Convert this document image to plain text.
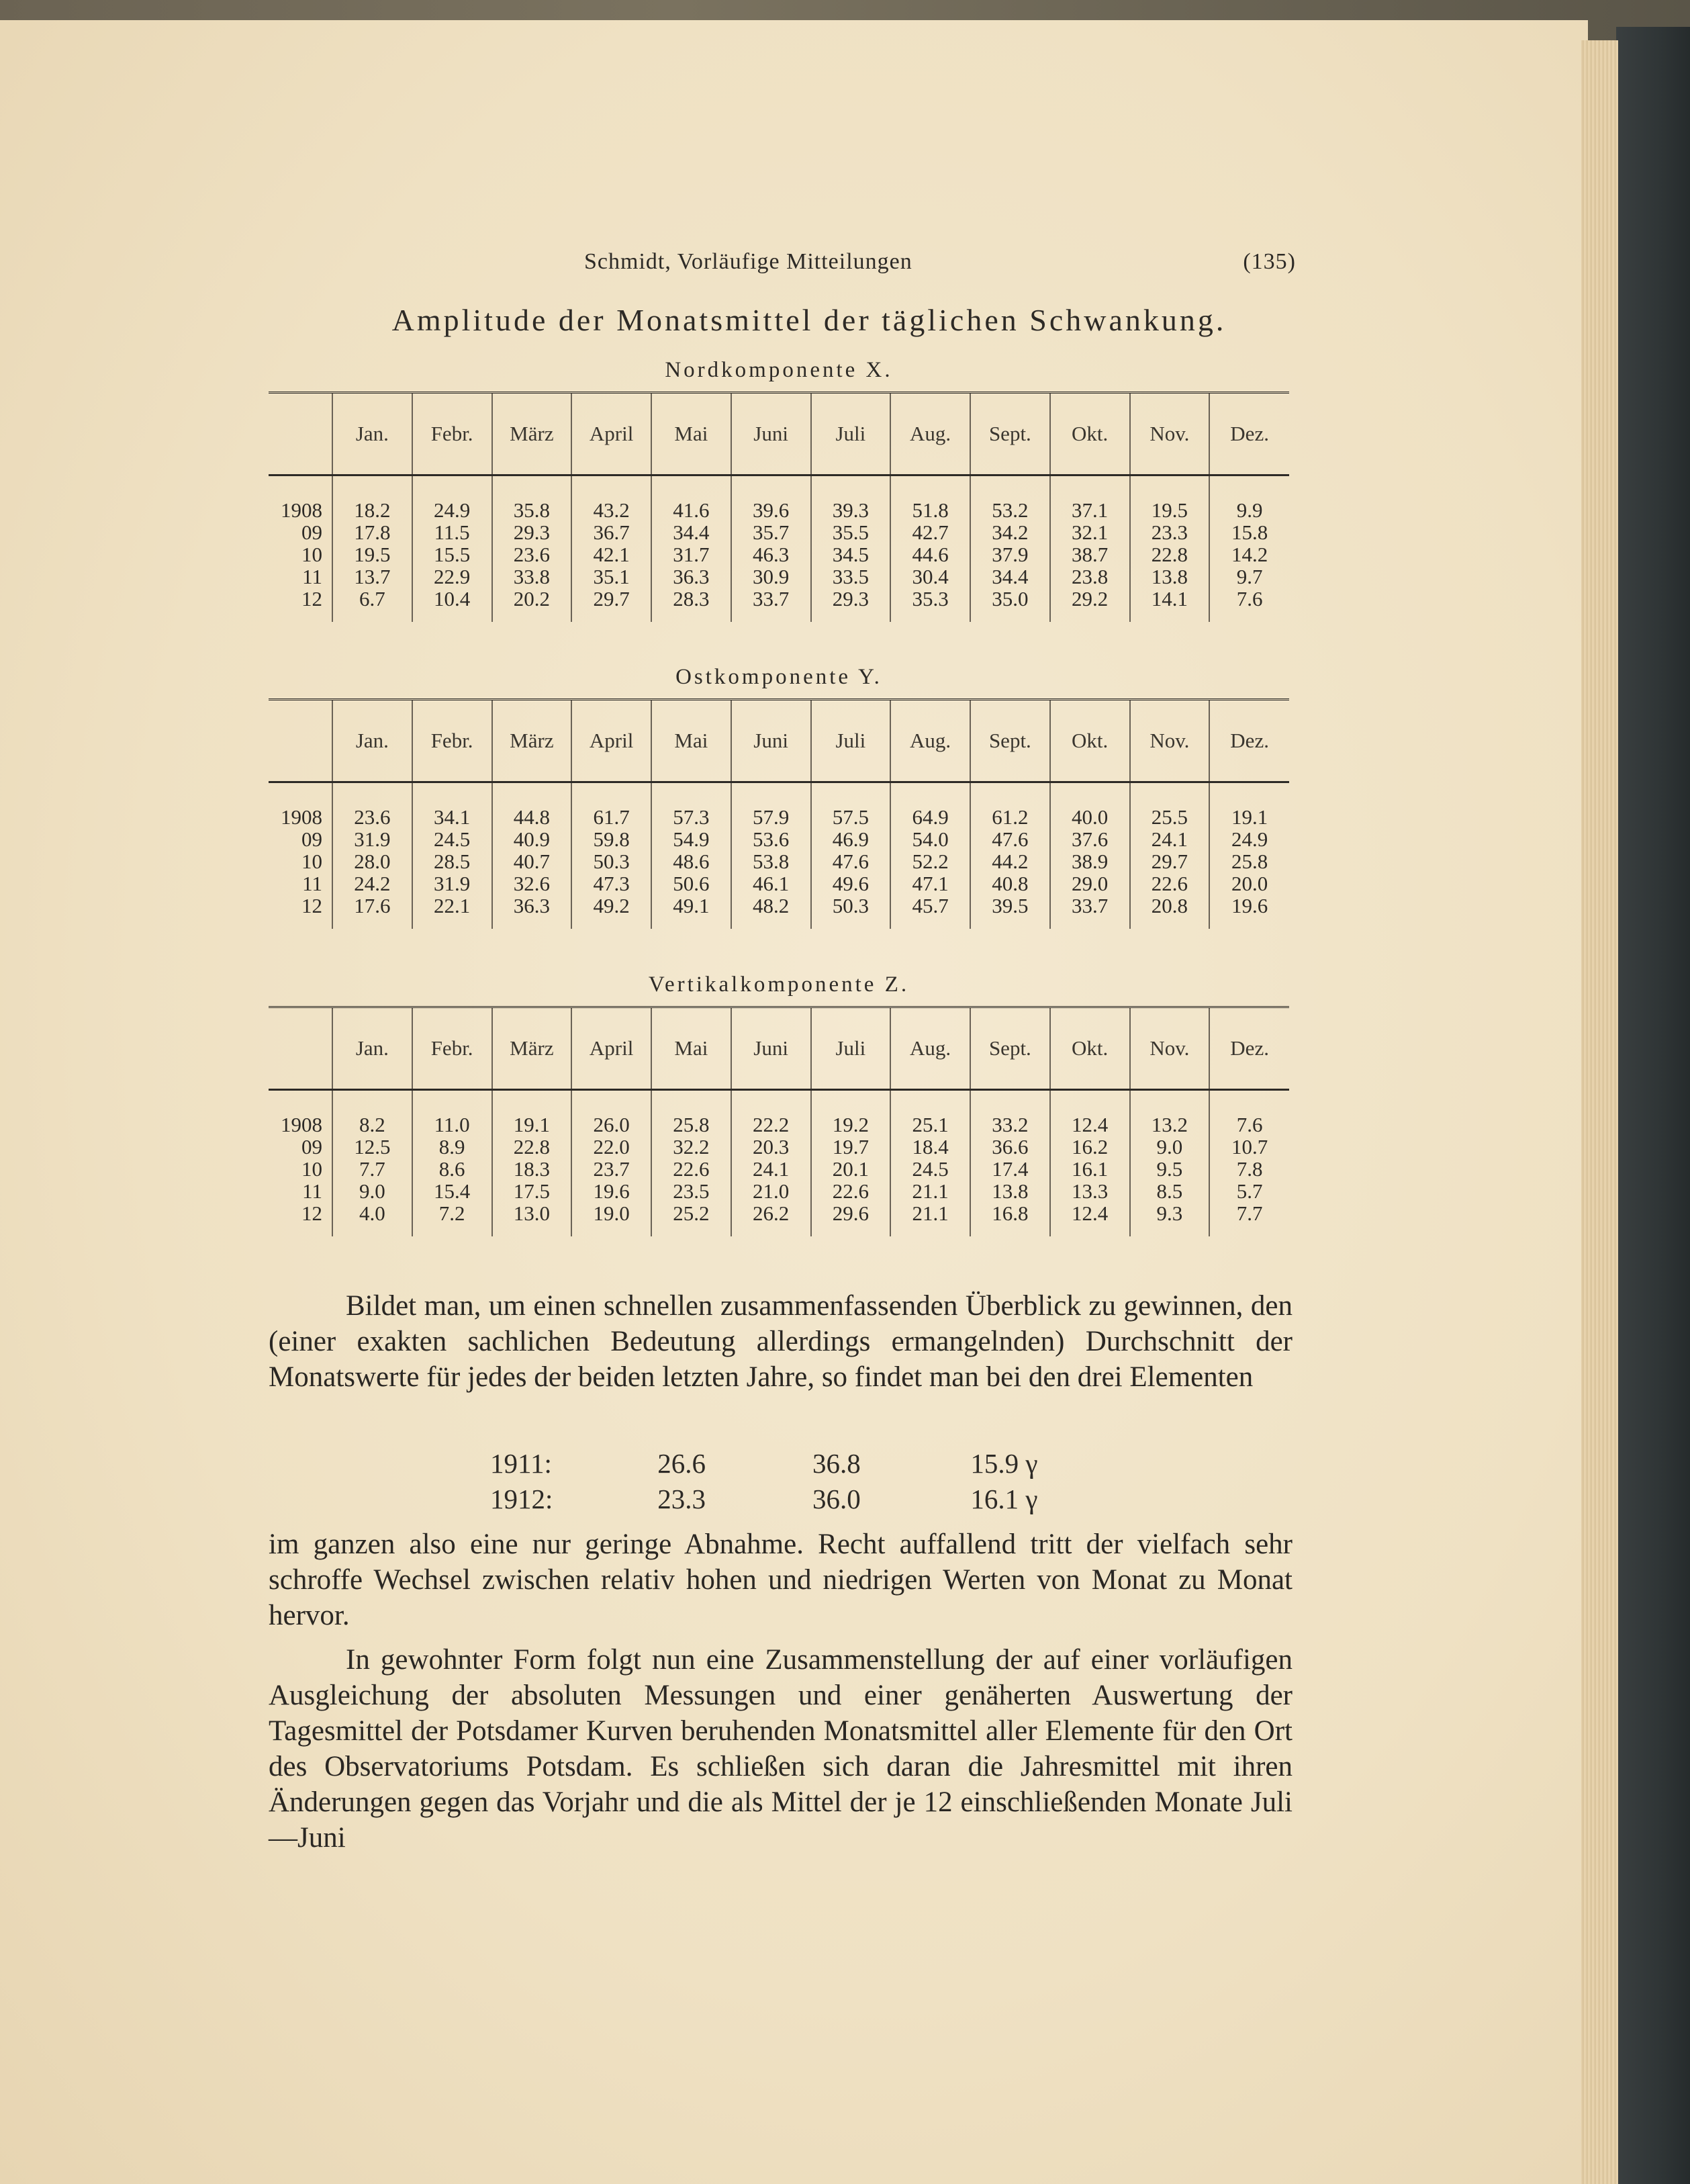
Schmidt, Vorläufige Mitteilungen	(135)
Amplitude der Monatsmittel der täglichen Schwankung.
Nordkomponente X.
	Jan.	Febr.	März	April	Mai	Juni	Juli	Aug.	Sept.	Okt.	Nov.	Dez.
1908	18.2	24.9	35.8	43.2	41.6	39.6	39.3	51.8	53.2	37.1	19.5	9.9
09	17.8	11.5	29.3	36.7	34.4	35.7	35.5	42.7	34.2	32.1	23.3	15.8
10	19.5	15.5	23.6	42.1	31.7	46.3	34.5	44.6	37.9	38.7	22.8	14.2
11	13.7	22.9	33.8	35.1	36.3	30.9	33.5	30.4	34.4	23.8	13.8	9.7
12	6.7	10.4	20.2	29.7	28.3	33.7	29.3	35.3	35.0	29.2	14.1	7.6
Ostkomponente Y.
	Jan.	Febr.	März	April	Mai	Juni	Juli	Aug.	Sept.	Okt.	Nov.	Dez.
1908	23.6	34.1	44.8	61.7	57.3	57.9	57.5	64.9	61.2	40.0	25.5	19.1
09	31.9	24.5	40.9	59.8	54.9	53.6	46.9	54.0	47.6	37.6	24.1	24.9
10	28.0	28.5	40.7	50.3	48.6	53.8	47.6	52.2	44.2	38.9	29.7	25.8
11	24.2	31.9	32.6	47.3	50.6	46.1	49.6	47.1	40.8	29.0	22.6	20.0
12	17.6	22.1	36.3	49.2	49.1	48.2	50.3	45.7	39.5	33.7	20.8	19.6
Vertikalkomponente Z.
	Jan.	Febr.	März	April	Mai	Juni	Juli	Aug.	Sept.	Okt.	Nov.	Dez.
1908	8.2	11.0	19.1	26.0	25.8	22.2	19.2	25.1	33.2	12.4	13.2	7.6
09	12.5	8.9	22.8	22.0	32.2	20.3	19.7	18.4	36.6	16.2	9.0	10.7
10	7.7	8.6	18.3	23.7	22.6	24.1	20.1	24.5	17.4	16.1	9.5	7.8
11	9.0	15.4	17.5	19.6	23.5	21.0	22.6	21.1	13.8	13.3	8.5	5.7
12	4.0	7.2	13.0	19.0	25.2	26.2	29.6	21.1	16.8	12.4	9.3	7.7
Bildet man, um einen schnellen zusammenfassenden Überblick zu gewinnen, den (einer exakten sachlichen Bedeutung allerdings ermangelnden) Durchschnitt der Monatswerte für jedes der beiden letzten Jahre, so findet man bei den drei Elementen
1911:	26.6	36.8	15.9 γ
1912:	23.3	36.0	16.1 γ
im ganzen also eine nur geringe Abnahme. Recht auffallend tritt der vielfach sehr schroffe Wechsel zwischen relativ hohen und niedrigen Werten von Monat zu Monat hervor.
In gewohnter Form folgt nun eine Zusammenstellung der auf einer vorläufigen Ausgleichung der absoluten Messungen und einer genäherten Auswertung der Tagesmittel der Potsdamer Kurven beruhenden Monatsmittel aller Elemente für den Ort des Observatoriums Potsdam. Es schließen sich daran die Jahresmittel mit ihren Änderungen gegen das Vorjahr und die als Mittel der je 12 einschließenden Monate Juli—Juni
